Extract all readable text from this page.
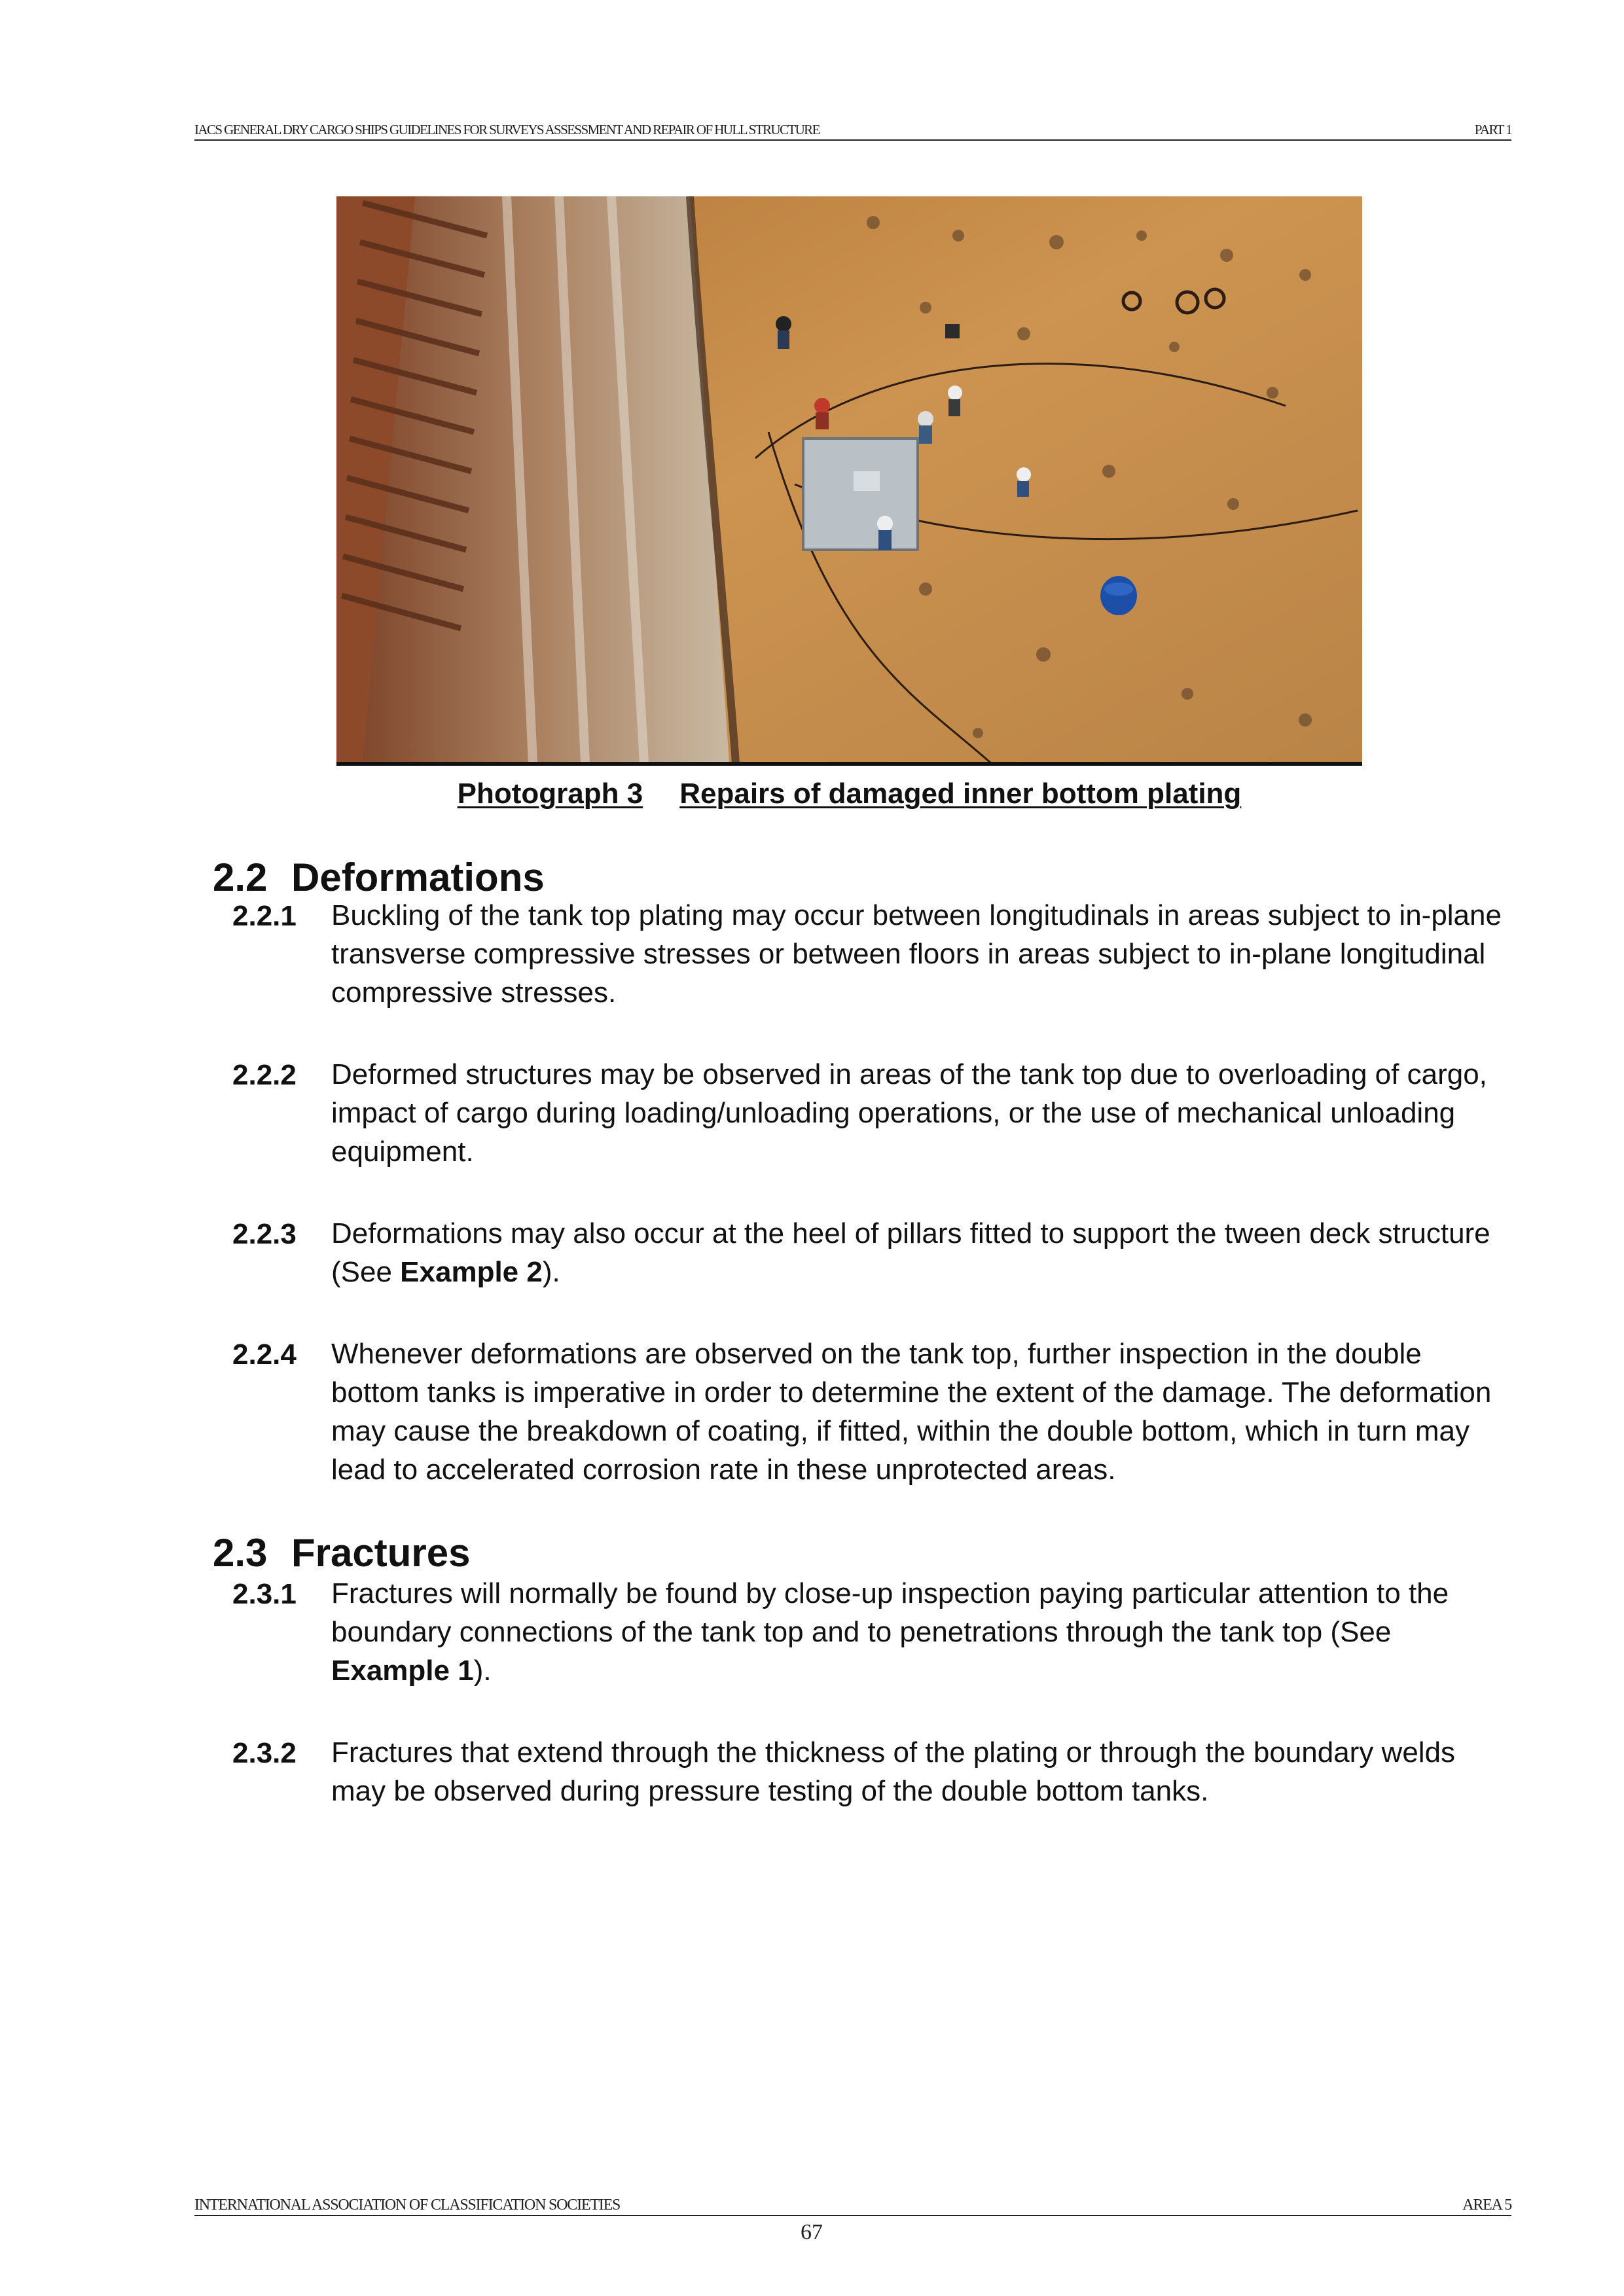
IACS GENERAL DRY CARGO SHIPS GUIDELINES FOR SURVEYS ASSESSMENT AND REPAIR OF HULL STRUCTURE	PART 1
Photograph 3 Repairs of damaged inner bottom plating
2.2 Deformations
2.2.1 Buckling of the tank top plating may occur between longitudinals in areas subject to in-plane transverse compressive stresses or between floors in areas subject to in-plane longitudinal compressive stresses.
2.2.2 Deformed structures may be observed in areas of the tank top due to overloading of cargo, impact of cargo during loading/unloading operations, or the use of mechanical unloading equipment.
2.2.3 Deformations may also occur at the heel of pillars fitted to support the tween deck structure (See Example 2).
2.2.4 Whenever deformations are observed on the tank top, further inspection in the double bottom tanks is imperative in order to determine the extent of the damage. The deformation may cause the breakdown of coating, if fitted, within the double bottom, which in turn may lead to accelerated corrosion rate in these unprotected areas.
2.3 Fractures
2.3.1 Fractures will normally be found by close-up inspection paying particular attention to the boundary connections of the tank top and to penetrations through the tank top (See Example 1).
2.3.2 Fractures that extend through the thickness of the plating or through the boundary welds may be observed during pressure testing of the double bottom tanks.
INTERNATIONAL ASSOCIATION OF CLASSIFICATION SOCIETIES	AREA 5
67
